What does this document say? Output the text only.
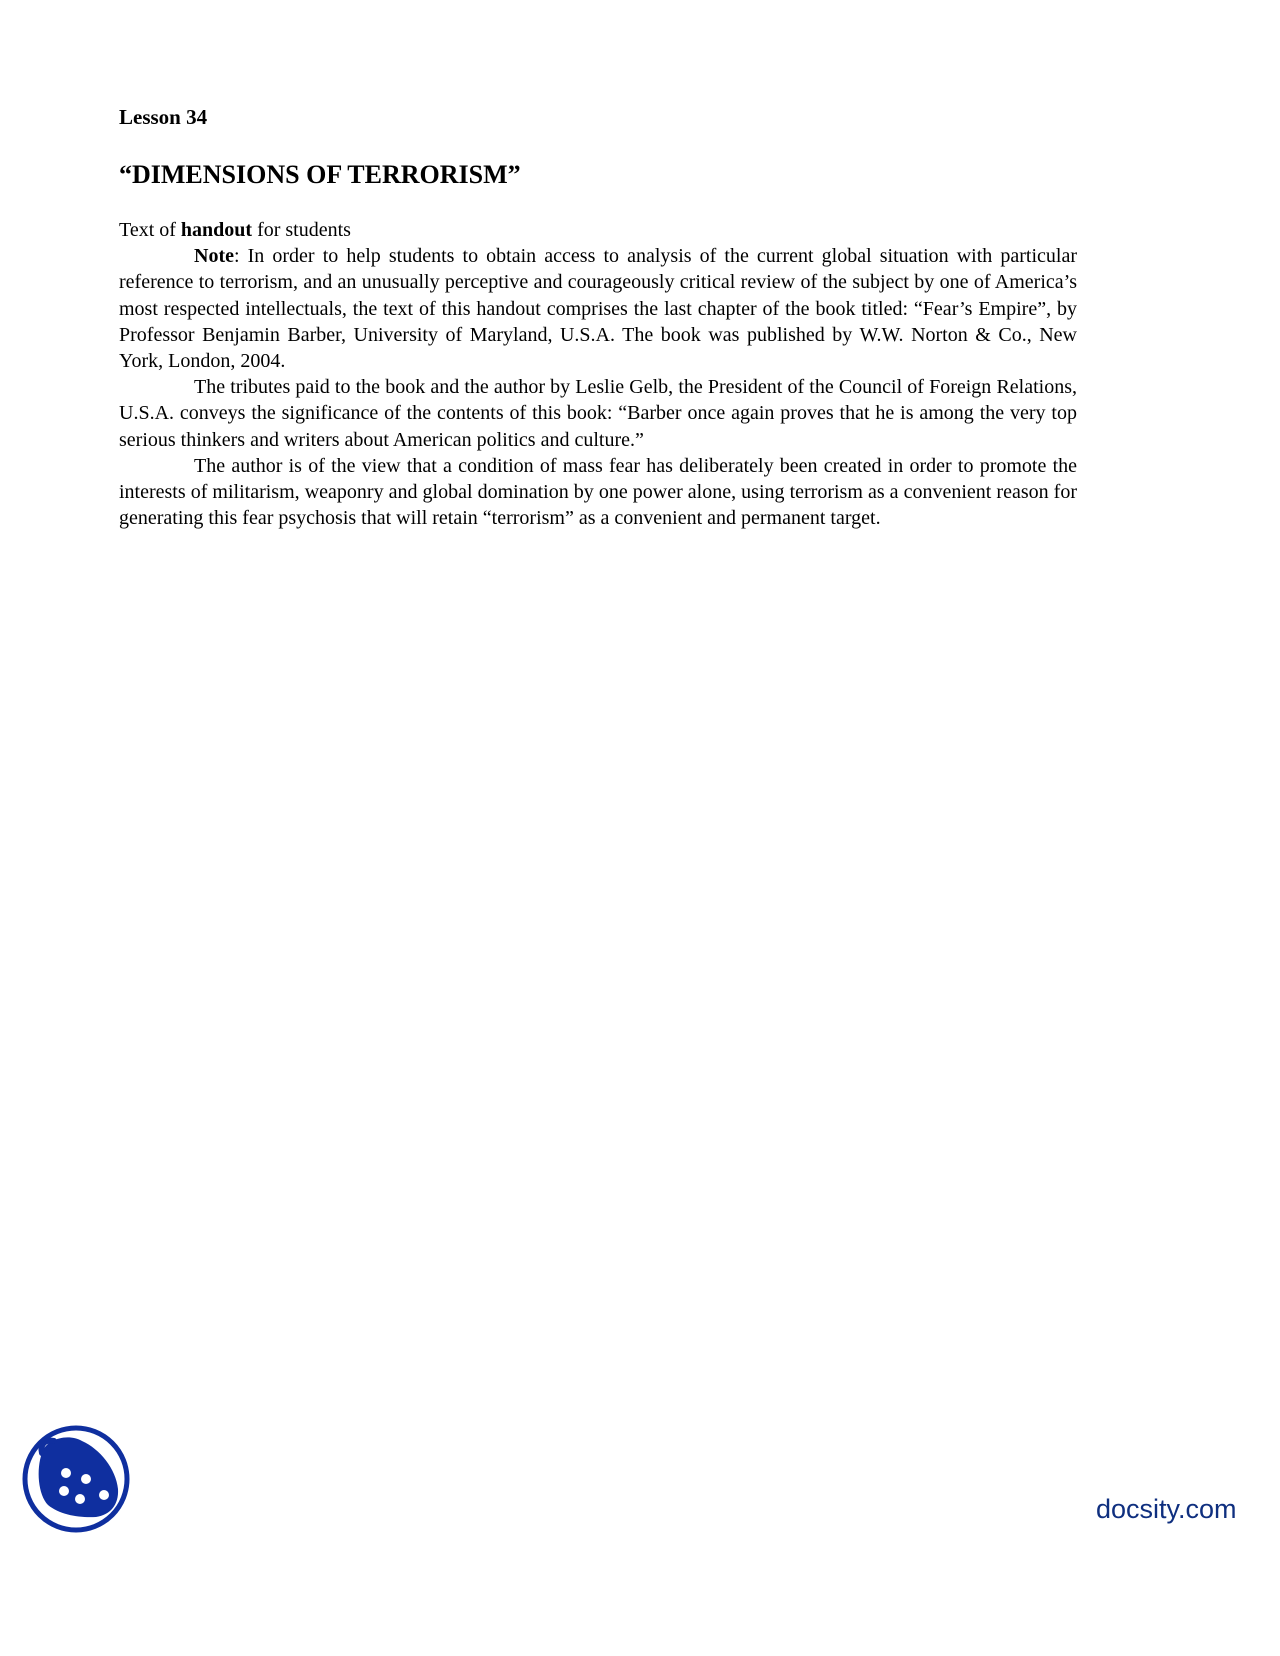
Lesson 34
“DIMENSIONS OF TERRORISM”

Text of handout for students

Note: In order to help students to obtain access to analysis of the current global situation with particular reference to terrorism, and an unusually perceptive and courageously critical review of the subject by one of America’s most respected intellectuals, the text of this handout comprises the last chapter of the book titled: “Fear’s Empire”, by Professor Benjamin Barber, University of Maryland, U.S.A. The book was published by W.W. Norton & Co., New York, London, 2004.

The tributes paid to the book and the author by Leslie Gelb, the President of the Council of Foreign Relations, U.S.A. conveys the significance of the contents of this book: “Barber once again proves that he is among the very top serious thinkers and writers about American politics and culture.”

The author is of the view that a condition of mass fear has deliberately been created in order to promote the interests of militarism, weaponry and global domination by one power alone, using terrorism as a convenient reason for generating this fear psychosis that will retain “terrorism” as a convenient and permanent target.

docsity.com
